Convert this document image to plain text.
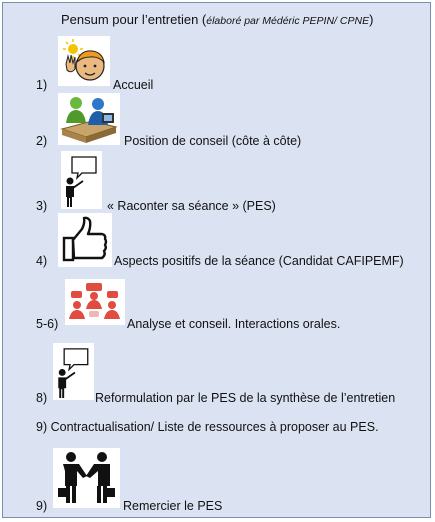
Pensum pour l’entretien (élaboré par Médéric PEPIN/ CPNE)
1)	Accueil
2)	Position de conseil (côte à côte)
3)	« Raconter sa séance » (PES)
4)	Aspects positifs de la séance (Candidat CAFIPEMF)
5-6)	Analyse et conseil. Interactions orales.
8)	Reformulation par le PES de la synthèse de l’entretien
9) Contractualisation/ Liste de ressources à proposer au PES.
9)	Remercier le PES
